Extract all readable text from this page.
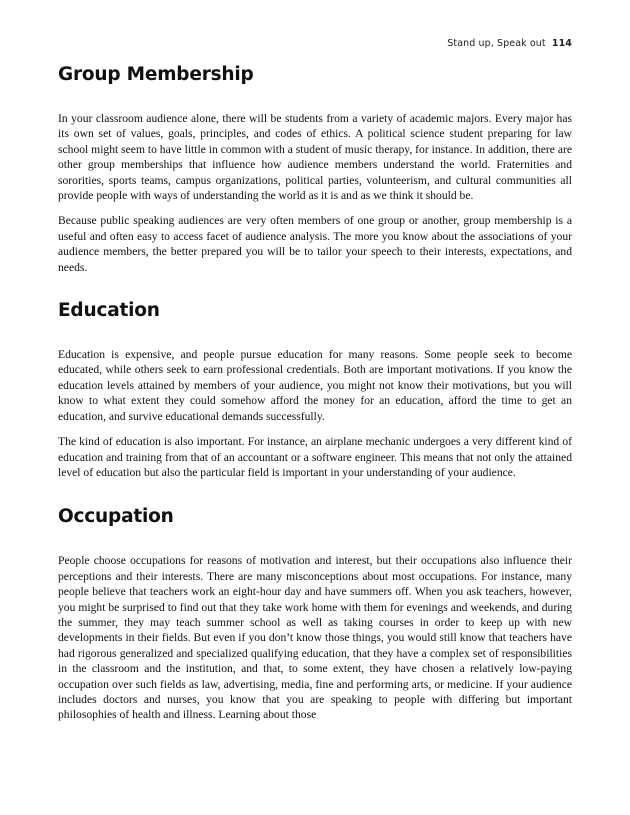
Stand up, Speak out 114
Group Membership

In your classroom audience alone, there will be students from a variety of academic majors. Every major has its own set of values, goals, principles, and codes of ethics. A political science student preparing for law school might seem to have little in common with a student of music therapy, for instance. In addition, there are other group memberships that influence how audience members understand the world. Fraternities and sororities, sports teams, campus organizations, political parties, volunteerism, and cultural communities all provide people with ways of understanding the world as it is and as we think it should be.

Because public speaking audiences are very often members of one group or another, group membership is a useful and often easy to access facet of audience analysis. The more you know about the associations of your audience members, the better prepared you will be to tailor your speech to their interests, expectations, and needs.

Education

Education is expensive, and people pursue education for many reasons. Some people seek to become educated, while others seek to earn professional credentials. Both are important motivations. If you know the education levels attained by members of your audience, you might not know their motivations, but you will know to what extent they could somehow afford the money for an education, afford the time to get an education, and survive educational demands successfully.

The kind of education is also important. For instance, an airplane mechanic undergoes a very different kind of education and training from that of an accountant or a software engineer. This means that not only the attained level of education but also the particular field is important in your understanding of your audience.

Occupation

People choose occupations for reasons of motivation and interest, but their occupations also influence their perceptions and their interests. There are many misconceptions about most occupations. For instance, many people believe that teachers work an eight-hour day and have summers off. When you ask teachers, however, you might be surprised to find out that they take work home with them for evenings and weekends, and during the summer, they may teach summer school as well as taking courses in order to keep up with new developments in their fields. But even if you don’t know those things, you would still know that teachers have had rigorous generalized and specialized qualifying education, that they have a complex set of responsibilities in the classroom and the institution, and that, to some extent, they have chosen a relatively low-paying occupation over such fields as law, advertising, media, fine and performing arts, or medicine. If your audience includes doctors and nurses, you know that you are speaking to people with differing but important philosophies of health and illness. Learning about those
